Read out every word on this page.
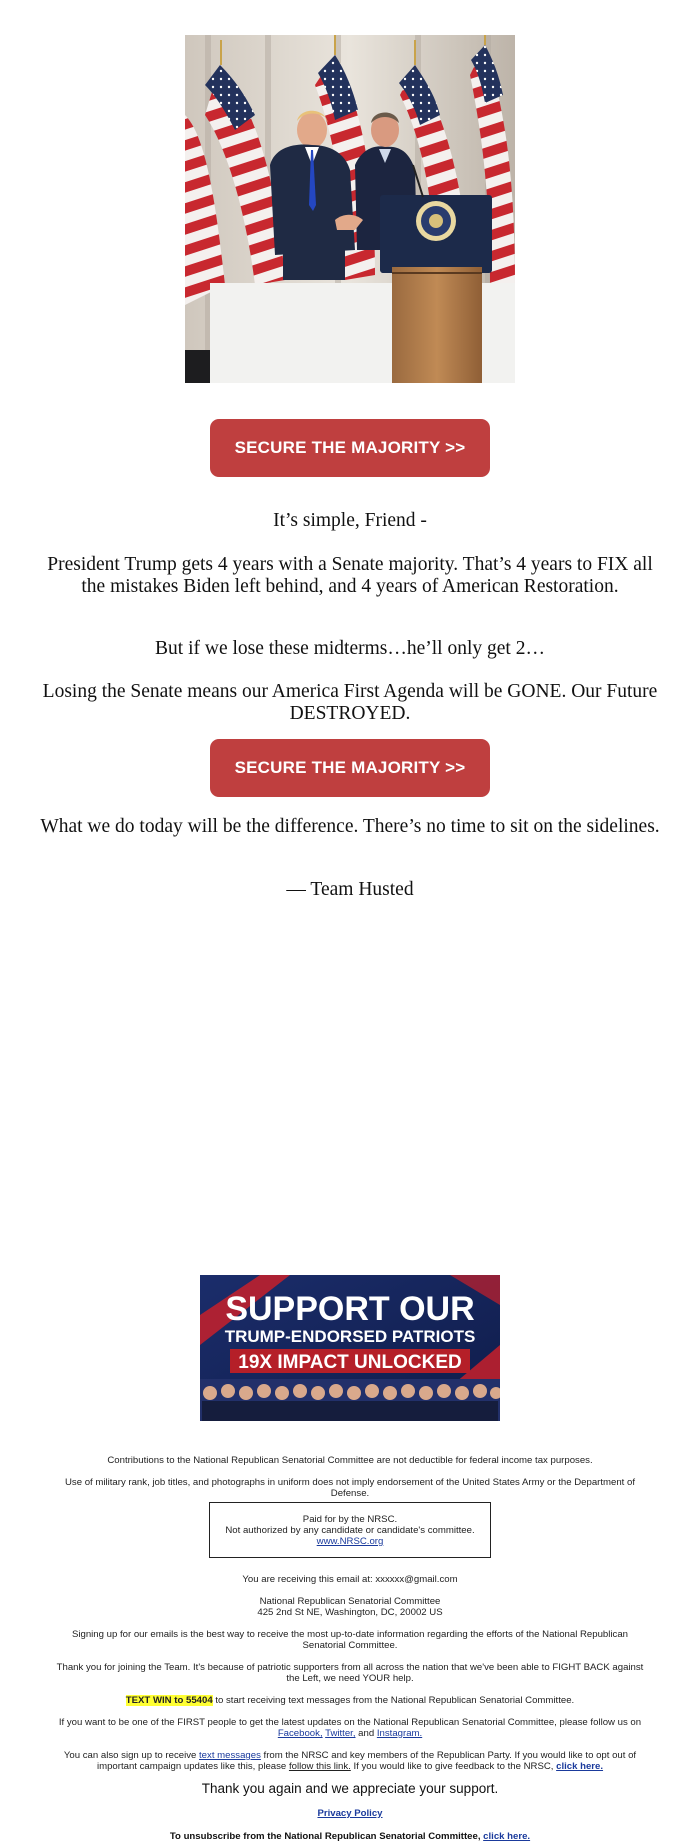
SECURE THE MAJORITY >>
It’s simple, Friend -
President Trump gets 4 years with a Senate majority. That’s 4 years to FIX all the mistakes Biden left behind, and 4 years of American Restoration.
But if we lose these midterms…he’ll only get 2…
Losing the Senate means our America First Agenda will be GONE. Our Future DESTROYED.
SECURE THE MAJORITY >>
What we do today will be the difference. There’s no time to sit on the sidelines.
— Team Husted
SUPPORT OUR
TRUMP-ENDORSED PATRIOTS
19X IMPACT UNLOCKED
Contributions to the National Republican Senatorial Committee are not deductible for federal income tax purposes.
Use of military rank, job titles, and photographs in uniform does not imply endorsement of the United States Army or the Department of Defense.
Paid for by the NRSC.
Not authorized by any candidate or candidate's committee.
www.NRSC.org
You are receiving this email at: xxxxxx@gmail.com
National Republican Senatorial Committee
425 2nd St NE, Washington, DC, 20002 US
Signing up for our emails is the best way to receive the most up-to-date information regarding the efforts of the National Republican Senatorial Committee.
Thank you for joining the Team. It's because of patriotic supporters from all across the nation that we've been able to FIGHT BACK against the Left, we need YOUR help.
TEXT WIN to 55404 to start receiving text messages from the National Republican Senatorial Committee.
If you want to be one of the FIRST people to get the latest updates on the National Republican Senatorial Committee, please follow us on Facebook, Twitter, and Instagram.
You can also sign up to receive text messages from the NRSC and key members of the Republican Party. If you would like to opt out of important campaign updates like this, please follow this link. If you would like to give feedback to the NRSC, click here.
Thank you again and we appreciate your support.
Privacy Policy
To unsubscribe from the National Republican Senatorial Committee, click here.
